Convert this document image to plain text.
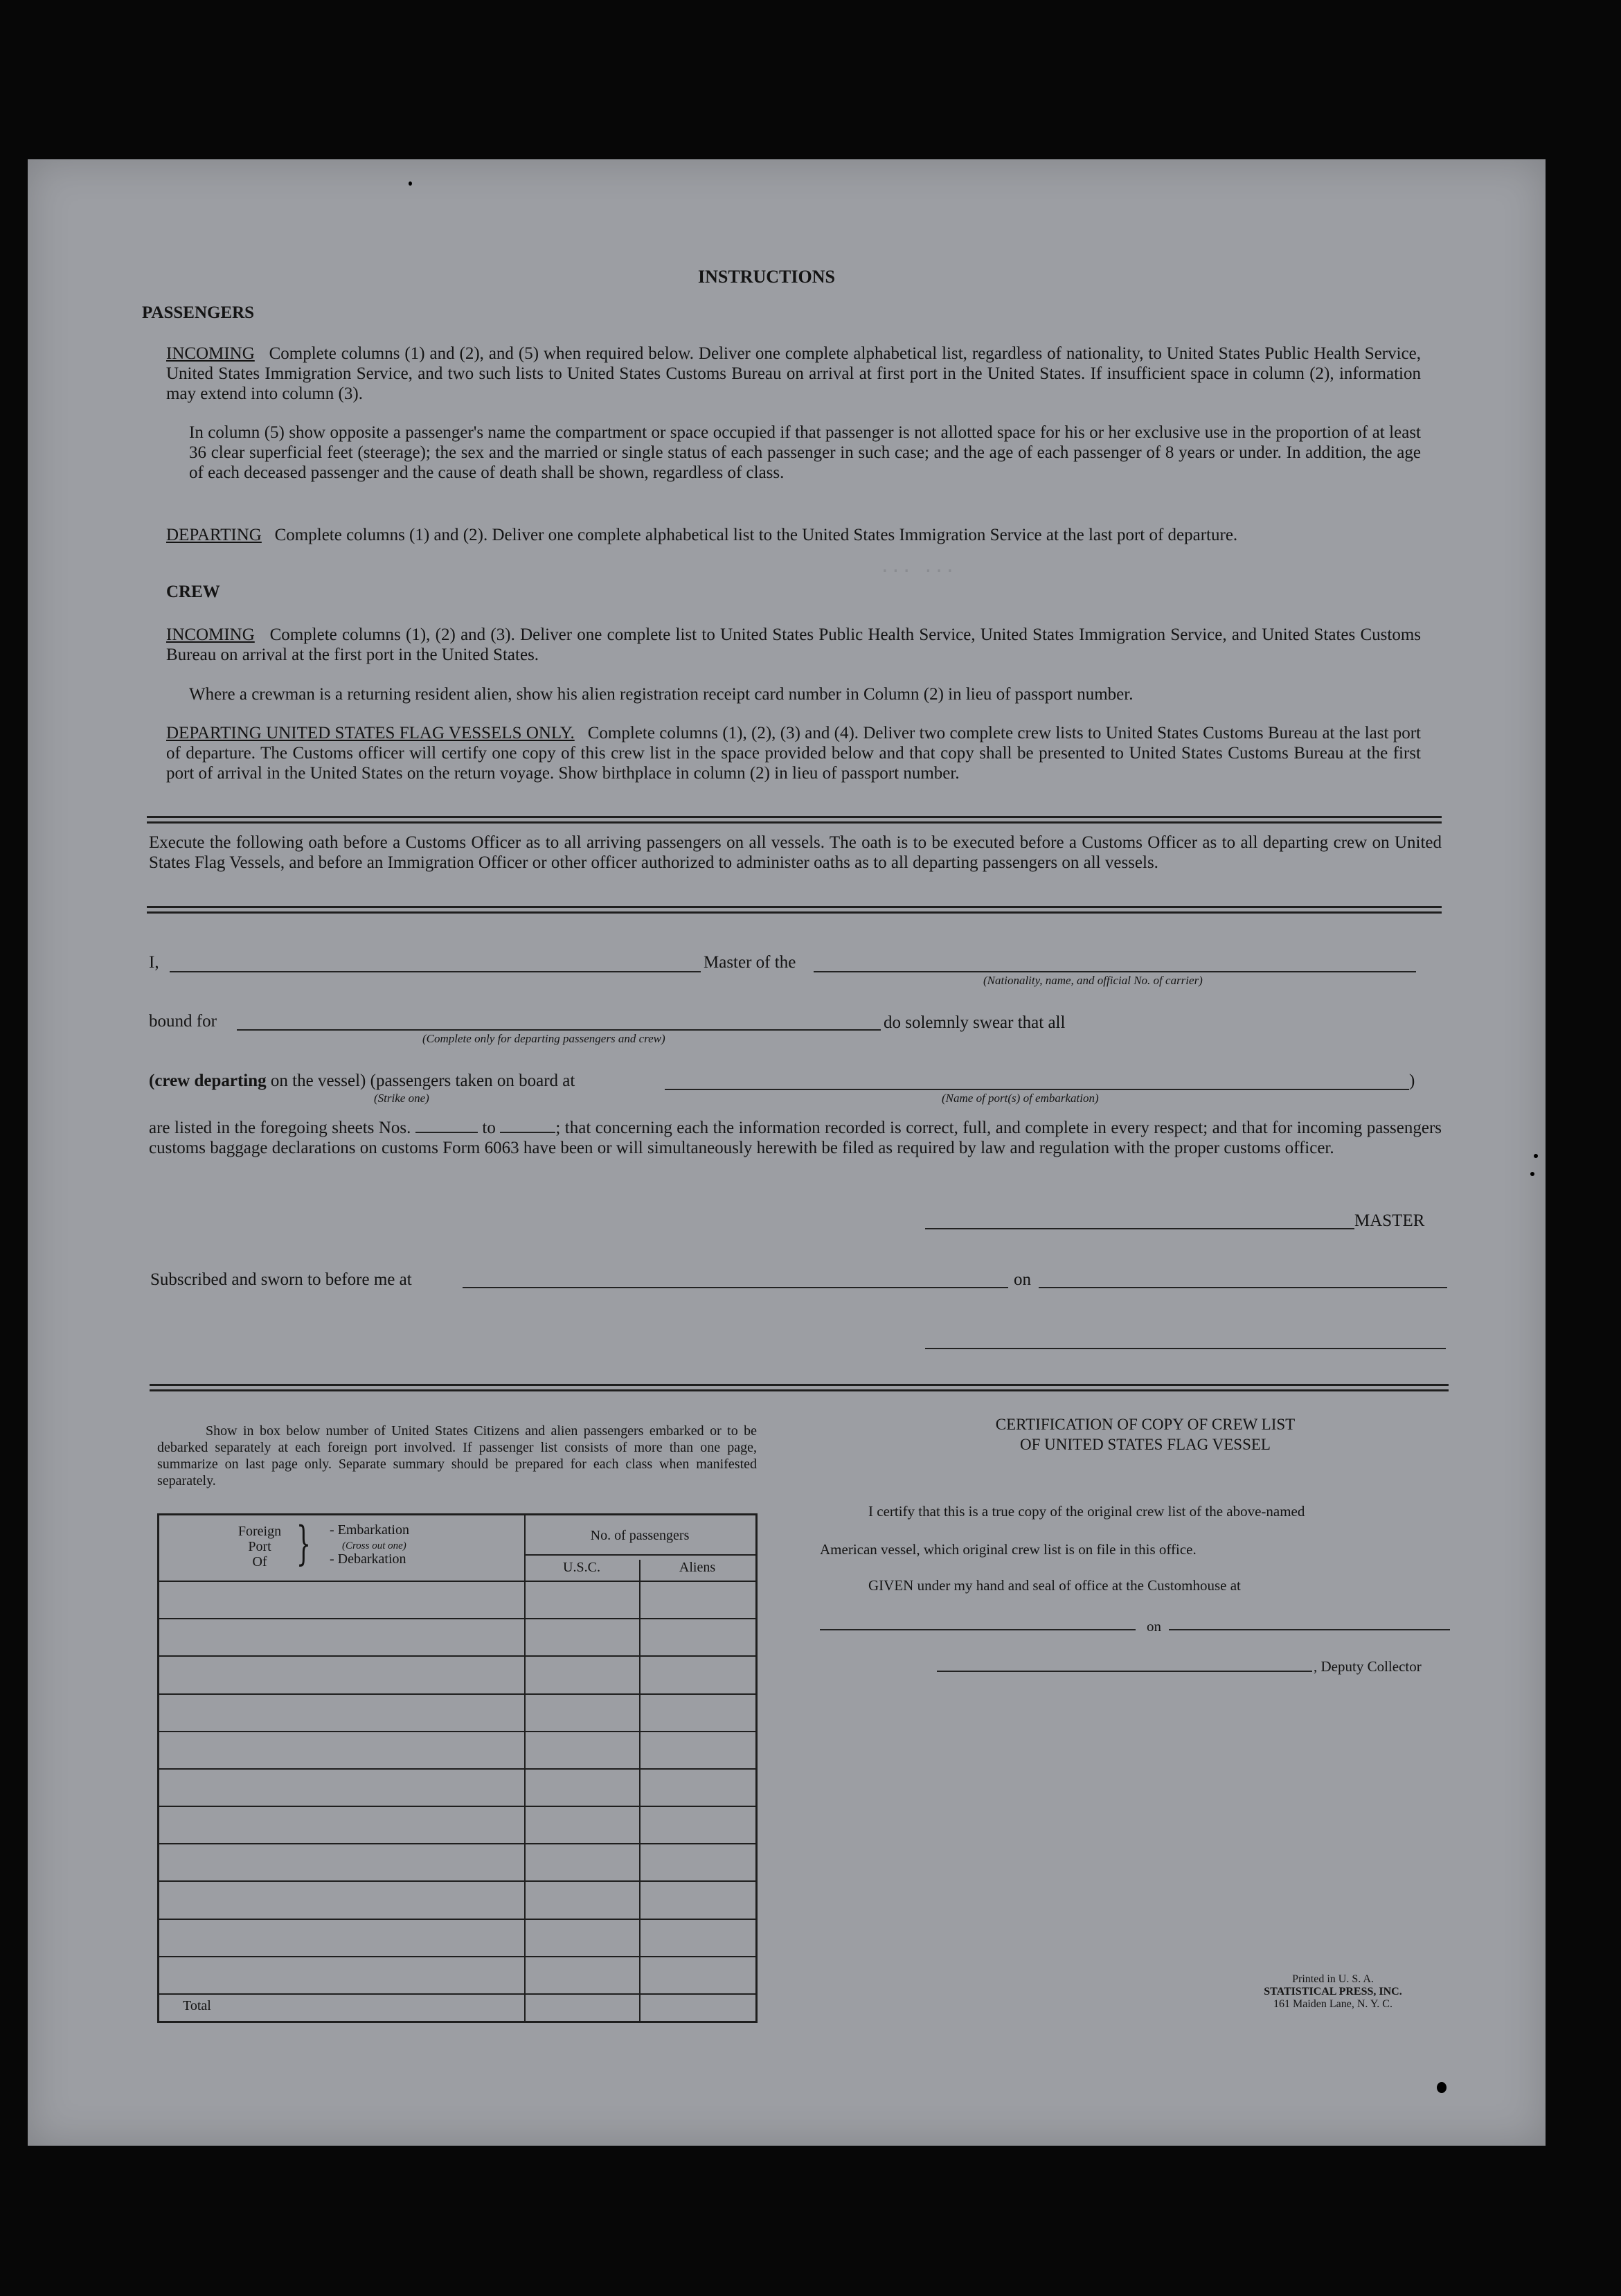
··· ···
INSTRUCTIONS
PASSENGERS
INCOMING Complete columns (1) and (2), and (5) when required below. Deliver one complete alphabetical list, regardless of nationality, to United States Public Health Service, United States Immigration Service, and two such lists to United States Customs Bureau on arrival at first port in the United States. If insufficient space in column (2), information may extend into column (3).
In column (5) show opposite a passenger's name the compartment or space occupied if that passenger is not allotted space for his or her exclusive use in the proportion of at least 36 clear superficial feet (steerage); the sex and the married or single status of each passenger in such case; and the age of each passenger of 8 years or under. In addition, the age of each deceased passenger and the cause of death shall be shown, regardless of class.
DEPARTING Complete columns (1) and (2). Deliver one complete alphabetical list to the United States Immigration Service at the last port of departure.
CREW
INCOMING Complete columns (1), (2) and (3). Deliver one complete list to United States Public Health Service, United States Immigration Service, and United States Customs Bureau on arrival at the first port in the United States.
Where a crewman is a returning resident alien, show his alien registration receipt card number in Column (2) in lieu of passport number.
DEPARTING UNITED STATES FLAG VESSELS ONLY. Complete columns (1), (2), (3) and (4). Deliver two complete crew lists to United States Customs Bureau at the last port of departure. The Customs officer will certify one copy of this crew list in the space provided below and that copy shall be presented to United States Customs Bureau at the first port of arrival in the United States on the return voyage. Show birthplace in column (2) in lieu of passport number.
Execute the following oath before a Customs Officer as to all arriving passengers on all vessels. The oath is to be executed before a Customs Officer as to all departing crew on United States Flag Vessels, and before an Immigration Officer or other officer authorized to administer oaths as to all departing passengers on all vessels.
I,	Master of the
(Nationality, name, and official No. of carrier)
bound for
(Complete only for departing passengers and crew)
do solemnly swear that all
(crew departing on the vessel) (passengers taken on board at
(Strike one)	(Name of port(s) of embarkation)
)
are listed in the foregoing sheets Nos.	to	; that concerning each the information recorded is correct, full, and complete in every respect; and that for incoming passengers customs baggage declarations on customs Form 6063 have been or will simultaneously herewith be filed as required by law and regulation with the proper customs officer.
MASTER
Subscribed and sworn to before me at	on
Show in box below number of United States Citizens and alien passengers embarked or to be debarked separately at each foreign port involved. If passenger list consists of more than one page, summarize on last page only. Separate summary should be prepared for each class when manifested separately.
Foreign
Port
Of } - Embarkation
(Cross out one)
- Debarkation
No. of passengers
U.S.C.	Aliens
Total
CERTIFICATION OF COPY OF CREW LIST
OF UNITED STATES FLAG VESSEL
I certify that this is a true copy of the original crew list of the above-named
American vessel, which original crew list is on file in this office.
GIVEN under my hand and seal of office at the Customhouse at
on
, Deputy Collector
Printed in U. S. A.
STATISTICAL PRESS, INC.
161 Maiden Lane, N. Y. C.
